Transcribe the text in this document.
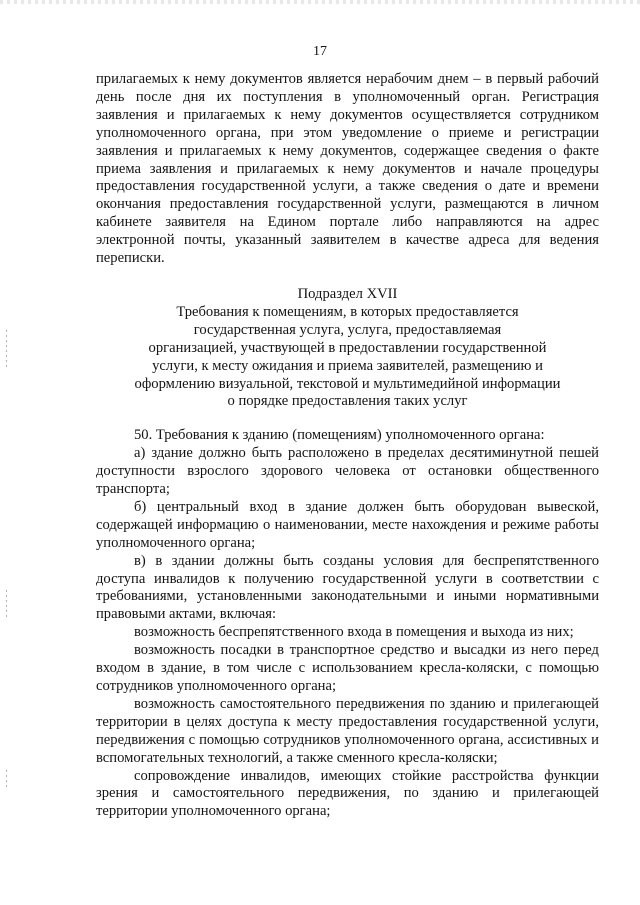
17

прилагаемых к нему документов является нерабочим днем – в первый рабочий день после дня их поступления в уполномоченный орган. Регистрация заявления и прилагаемых к нему документов осуществляется сотрудником уполномоченного органа, при этом уведомление о приеме и регистрации заявления и прилагаемых к нему документов, содержащее сведения о факте приема заявления и прилагаемых к нему документов и начале процедуры предоставления государственной услуги, а также сведения о дате и времени окончания предоставления государственной услуги, размещаются в личном кабинете заявителя на Едином портале либо направляются на адрес электронной почты, указанный заявителем в качестве адреса для ведения переписки.

Подраздел XVII
Требования к помещениям, в которых предоставляется
государственная услуга, услуга, предоставляемая
организацией, участвующей в предоставлении государственной
услуги, к месту ожидания и приема заявителей, размещению и
оформлению визуальной, текстовой и мультимедийной информации
о порядке предоставления таких услуг

50. Требования к зданию (помещениям) уполномоченного органа:

а) здание должно быть расположено в пределах десятиминутной пешей доступности взрослого здорового человека от остановки общественного транспорта;

б) центральный вход в здание должен быть оборудован вывеской, содержащей информацию о наименовании, месте нахождения и режиме работы уполномоченного органа;

в) в здании должны быть созданы условия для беспрепятственного доступа инвалидов к получению государственной услуги в соответствии с требованиями, установленными законодательными и иными нормативными правовыми актами, включая:

возможность беспрепятственного входа в помещения и выхода из них;

возможность посадки в транспортное средство и высадки из него перед входом в здание, в том числе с использованием кресла-коляски, с помощью сотрудников уполномоченного органа;

возможность самостоятельного передвижения по зданию и прилегающей территории в целях доступа к месту предоставления государственной услуги, передвижения с помощью сотрудников уполномоченного органа, ассистивных и вспомогательных технологий, а также сменного кресла-коляски;

сопровождение инвалидов, имеющих стойкие расстройства функции зрения и самостоятельного передвижения, по зданию и прилегающей территории уполномоченного органа;
